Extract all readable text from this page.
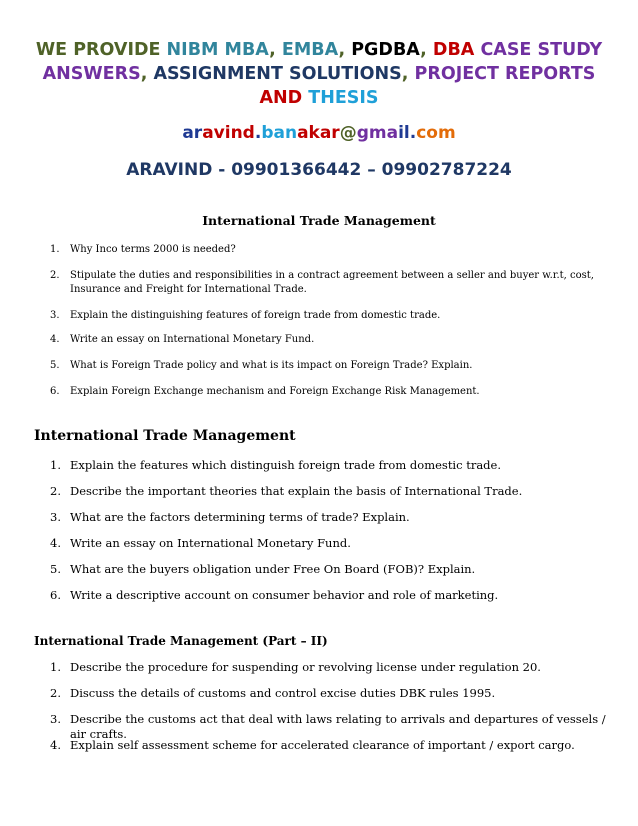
WE PROVIDE NIBM MBA, EMBA, PGDBA, DBA CASE STUDY
ANSWERS, ASSIGNMENT SOLUTIONS, PROJECT REPORTS
AND THESIS
aravind.banakar@gmail.com
ARAVIND - 09901366442 – 09902787224
International Trade Management
1. Why Inco terms 2000 is needed?
2. Stipulate the duties and responsibilities in a contract agreement between a seller and buyer w.r.t, cost, Insurance and Freight for International Trade.
3. Explain the distinguishing features of foreign trade from domestic trade.
4. Write an essay on International Monetary Fund.
5. What is Foreign Trade policy and what is its impact on Foreign Trade? Explain.
6. Explain Foreign Exchange mechanism and Foreign Exchange Risk Management.
International Trade Management
1. Explain the features which distinguish foreign trade from domestic trade.
2. Describe the important theories that explain the basis of International Trade.
3. What are the factors determining terms of trade? Explain.
4. Write an essay on International Monetary Fund.
5. What are the buyers obligation under Free On Board (FOB)? Explain.
6. Write a descriptive account on consumer behavior and role of marketing.
International Trade Management (Part – II)
1. Describe the procedure for suspending or revolving license under regulation 20.
2. Discuss the details of customs and control excise duties DBK rules 1995.
3. Describe the customs act that deal with laws relating to arrivals and departures of vessels / air crafts.
4. Explain self assessment scheme for accelerated clearance of important / export cargo.
